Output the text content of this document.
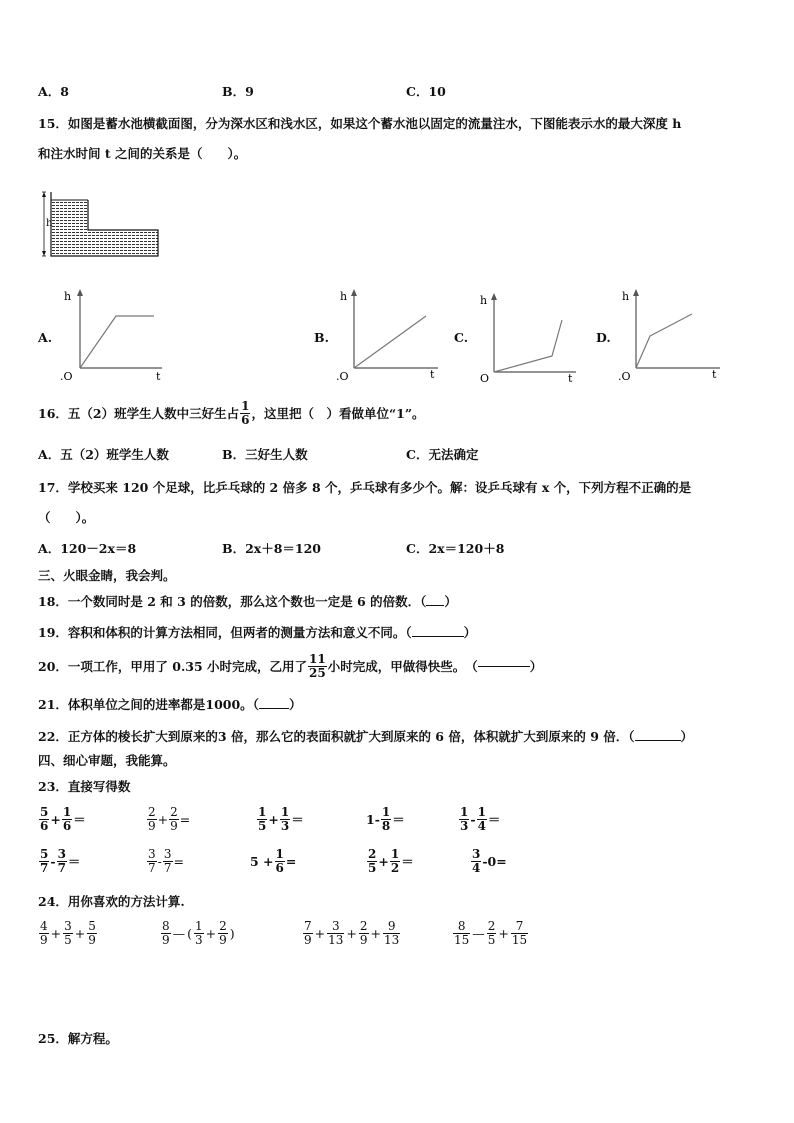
A．8	B．9	C．10
15．如图是蓄水池横截面图，分为深水区和浅水区，如果这个蓄水池以固定的流量注水，下图能表示水的最大深度 h
和注水时间 t 之间的关系是（　　）。
h
A.
h
t
.O
B.
h
t
.O
C.
h
t
O
D.
h
t
.O
16．五（2）班学生人数中三好生占 $\frac{1}{6}$ ，这里把（　）看做单位“1”。
A．五（2）班学生人数	B．三好生人数	C．无法确定
17．学校买来 120 个足球，比乒乓球的 2 倍多 8 个，乒乓球有多少个。解：设乒乓球有 x 个，下列方程不正确的是
（　　）。
A．120－2x＝8	B．2x＋8＝120	C．2x＝120＋8
三、火眼金睛，我会判。
18．一个数同时是 2 和 3 的倍数，那么这个数也一定是 6 的倍数．（ ）
19．容积和体积的计算方法相同，但两者的测量方法和意义不同。（	）
20．一项工作，甲用了 0.35 小时完成，乙用了 $\frac{11}{25}$ 小时完成，甲做得快些。 （	）
21．体积单位之间的进率都是1000。（ ）
22．正方体的棱长扩大到原来的3 倍，那么它的表面积就扩大到原来的 6 倍，体积就扩大到原来的 9 倍．（	）
四、细心审题，我能算。
23．直接写得数
$\frac{5}{6} + \frac{1}{6}$ ＝	$\frac{2}{9} + \frac{2}{9}$ =	$\frac{1}{5} + \frac{1}{3}$ ＝	$1- \frac{1}{8}$ ＝	$\frac{1}{3} - \frac{1}{4}$ ＝
$\frac{5}{7} - \frac{3}{7}$ ＝	$\frac{3}{7} - \frac{3}{7}$ =	$5 + \frac{1}{6}$ =	$\frac{2}{5} + \frac{1}{2}$ ＝	$\frac{3}{4} -0=$
24．用你喜欢的方法计算.
$\frac{4}{9} + \frac{3}{5} + \frac{5}{9}$	$\frac{8}{9}$ — ( $\frac{1}{3} + \frac{2}{9}$ )	$\frac{7}{9} + \frac{3}{13} + \frac{2}{9} + \frac{9}{13}$	$\frac{8}{15}$ — $\frac{2}{5} + \frac{7}{15}$
25．解方程。
